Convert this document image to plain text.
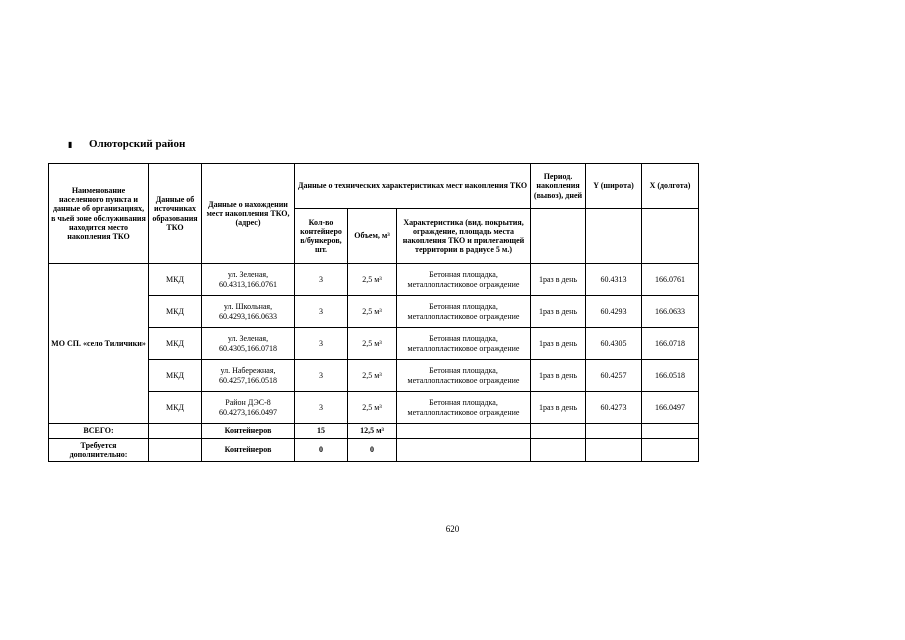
▮ Олюторский район
Наименование населенного пункта и данные об организациях, в чьей зоне обслуживания находится место накопления ТКО	Данные об источниках образования ТКО	Данные о нахождении мест накопления ТКО, (адрес)	Данные о технических характеристиках мест накопления ТКО			Период. накопления (вывоз), дней	Y (широта)	X (долгота)
			Кол-во контейнеро в/бункеров, шт.	Объем, м³	Характеристика (вид. покрытия, ограждение, площадь места накопления ТКО и прилегающей территории в радиусе 5 м.)			
МО СП. «село Тиличики»	МКД	ул. Зеленая, 60.4313,166.0761	3	2,5 м³	Бетонная площадка, металлопластиковое ограждение	1раз в день	60.4313	166.0761
	МКД	ул. Школьная, 60.4293,166.0633	3	2,5 м³	Бетонная площадка, металлопластиковое ограждение	1раз в день	60.4293	166.0633
	МКД	ул. Зеленая, 60.4305,166.0718	3	2,5 м³	Бетонная площадка, металлопластиковое ограждение	1раз в день	60.4305	166.0718
	МКД	ул. Набережная, 60.4257,166.0518	3	2,5 м³	Бетонная площадка, металлопластиковое ограждение	1раз в день	60.4257	166.0518
	МКД	Район ДЭС-8 60.4273,166.0497	3	2,5 м³	Бетонная площадка, металлопластиковое ограждение	1раз в день	60.4273	166.0497
ВСЕГО:		Контейнеров	15	12,5 м³				
Требуется дополнительно:		Контейнеров	0	0				
620
